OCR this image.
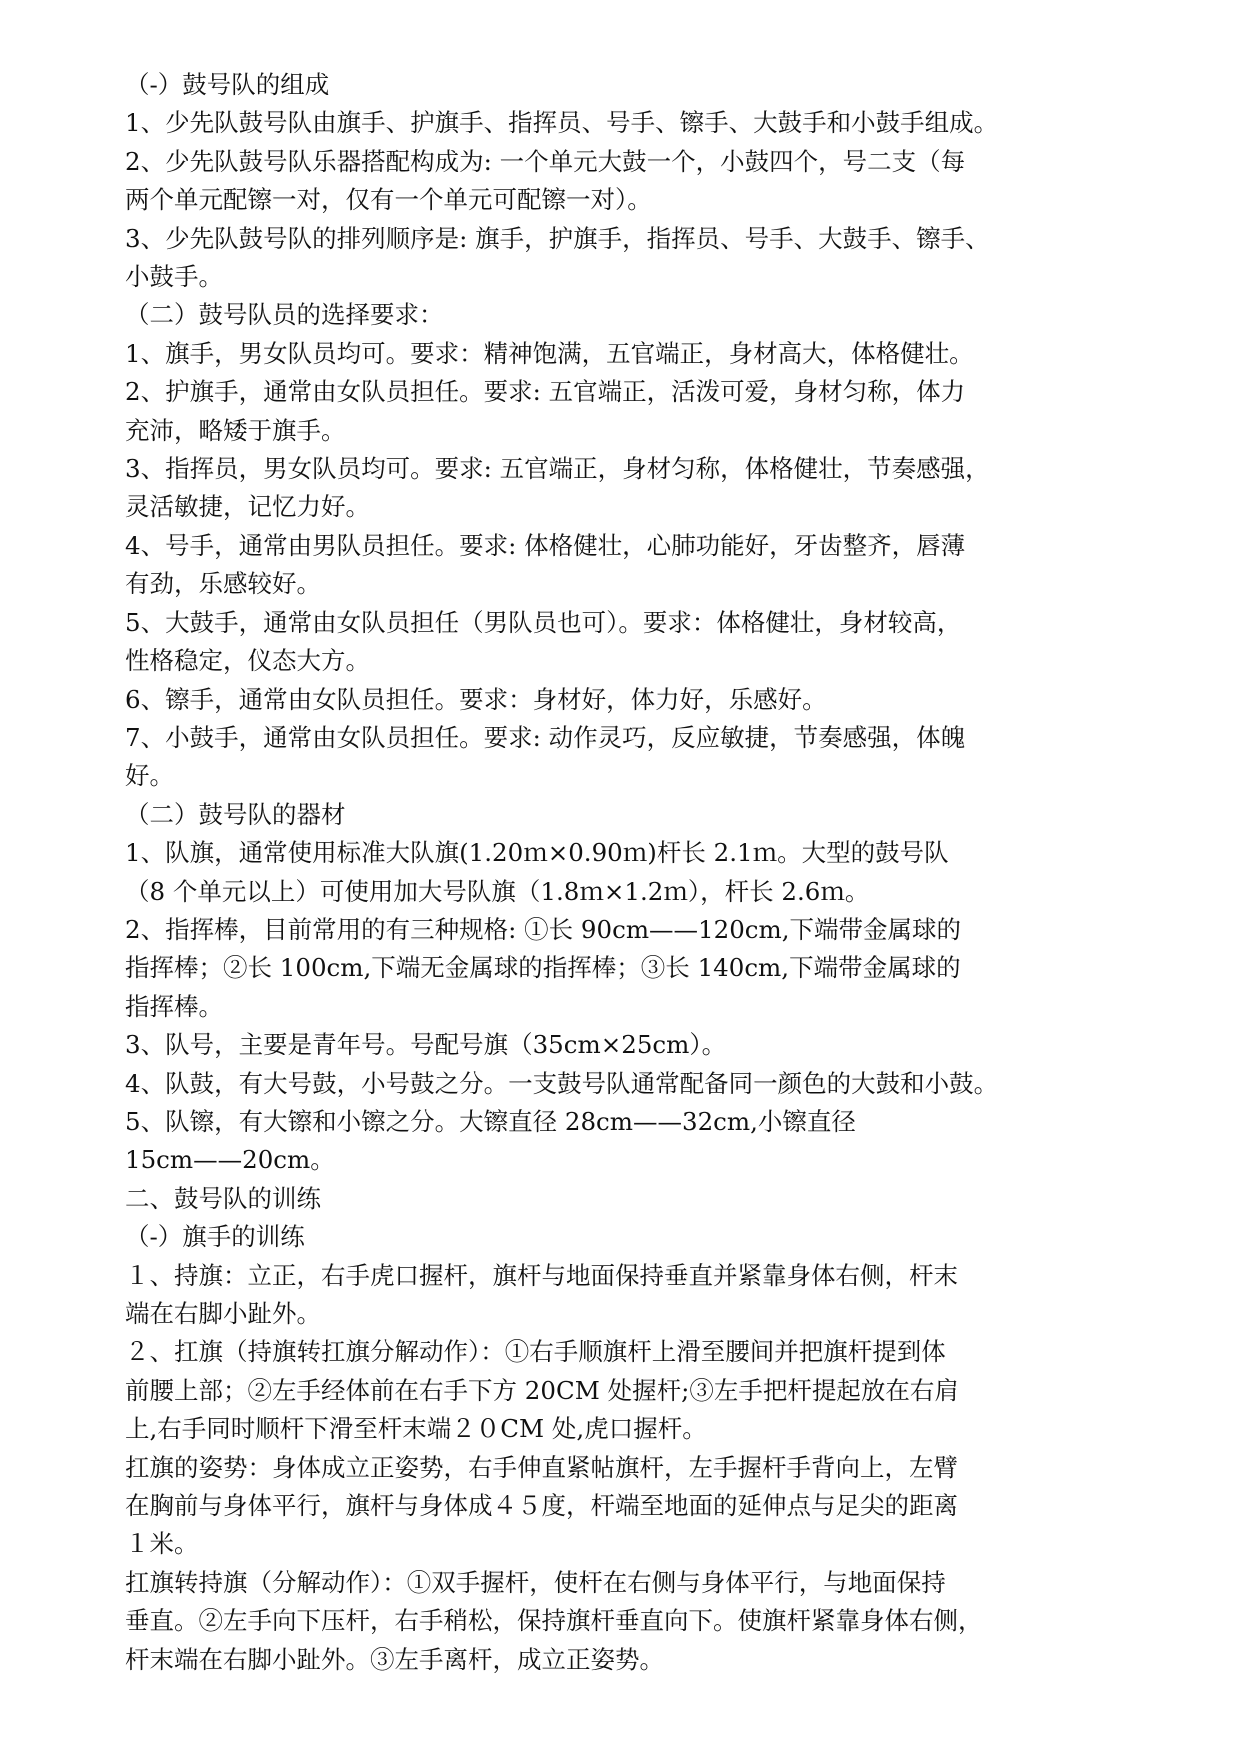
（-）鼓号队的组成
1、少先队鼓号队由旗手、护旗手、指挥员、号手、镲手、大鼓手和小鼓手组成。
2、少先队鼓号队乐器搭配构成为: 一个单元大鼓一个，小鼓四个，号二支（每
两个单元配镲一对，仅有一个单元可配镲一对）。
3、少先队鼓号队的排列顺序是: 旗手，护旗手，指挥员、号手、大鼓手、镲手、
小鼓手。
（二）鼓号队员的选择要求：
1、旗手，男女队员均可。要求：精神饱满，五官端正，身材高大，体格健壮。
2、护旗手，通常由女队员担任。要求: 五官端正，活泼可爱，身材匀称，体力
充沛，略矮于旗手。
3、指挥员，男女队员均可。要求: 五官端正，身材匀称，体格健壮，节奏感强，
灵活敏捷，记忆力好。
4、号手，通常由男队员担任。要求: 体格健壮，心肺功能好，牙齿整齐，唇薄
有劲，乐感较好。
5、大鼓手，通常由女队员担任（男队员也可）。要求：体格健壮，身材较高，
性格稳定，仪态大方。
6、镲手，通常由女队员担任。要求：身材好，体力好，乐感好。
7、小鼓手，通常由女队员担任。要求: 动作灵巧，反应敏捷，节奏感强，体魄
好。
（二）鼓号队的器材
1、队旗，通常使用标准大队旗(1.20ｍ×0.90ｍ)杆长 2.1ｍ。大型的鼓号队
（8 个单元以上）可使用加大号队旗（1.8ｍ×1.2ｍ），杆长 2.6ｍ。
2、指挥棒，目前常用的有三种规格: ①长 90cm——120cm,下端带金属球的
指挥棒；②长 100cm,下端无金属球的指挥棒；③长 140cm,下端带金属球的
指挥棒。
3、队号，主要是青年号。号配号旗（35cm×25cm）。
4、队鼓，有大号鼓，小号鼓之分。一支鼓号队通常配备同一颜色的大鼓和小鼓。
5、队镲，有大镲和小镲之分。大镲直径 28cm——32cm,小镲直径
15cm——20cm。
二、鼓号队的训练
（-）旗手的训练
１、持旗：立正，右手虎口握杆，旗杆与地面保持垂直并紧靠身体右侧，杆末
端在右脚小趾外。
２、扛旗（持旗转扛旗分解动作）：①右手顺旗杆上滑至腰间并把旗杆提到体
前腰上部；②左手经体前在右手下方 20CM 处握杆;③左手把杆提起放在右肩
上,右手同时顺杆下滑至杆末端２０CM 处,虎口握杆。
扛旗的姿势：身体成立正姿势，右手伸直紧帖旗杆，左手握杆手背向上，左臂
在胸前与身体平行，旗杆与身体成４５度，杆端至地面的延伸点与足尖的距离
１米。
扛旗转持旗（分解动作）：①双手握杆，使杆在右侧与身体平行，与地面保持
垂直。②左手向下压杆，右手稍松，保持旗杆垂直向下。使旗杆紧靠身体右侧，
杆末端在右脚小趾外。③左手离杆，成立正姿势。
